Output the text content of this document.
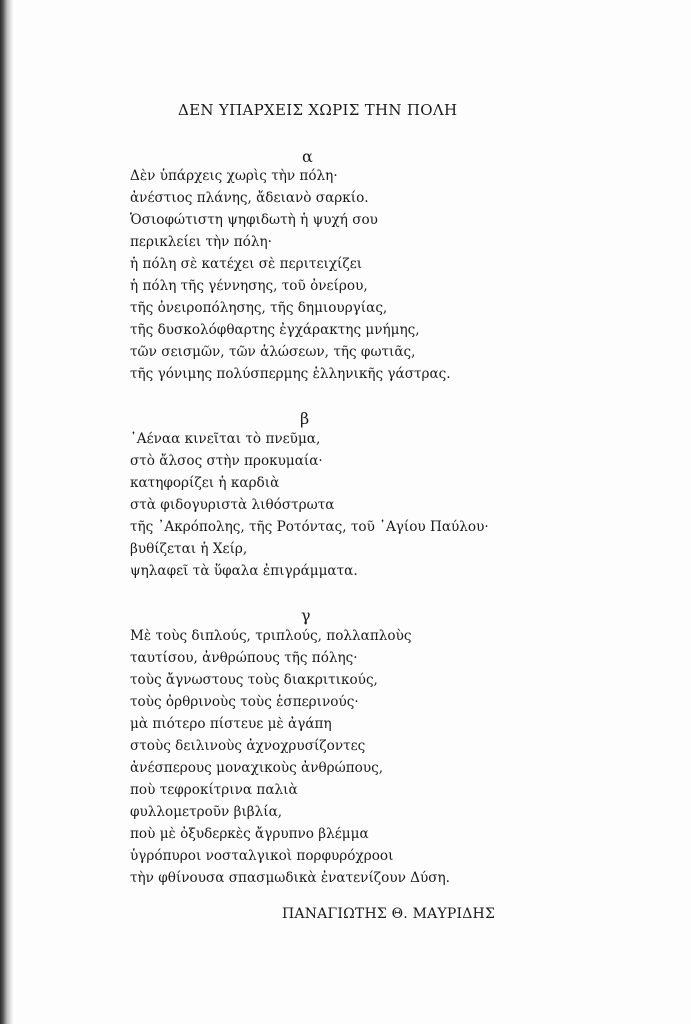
ΔΕΝ ΥΠΑΡΧΕΙΣ ΧΩΡΙΣ ΤΗΝ ΠΟΛΗ
α
Δὲν ὑπάρχεις χωρὶς τὴν πόλη·
ἀνέστιος πλάνης, ἄδειανὸ σαρκίο.
Ὁσιοφώτιστη ψηφιδωτὴ ἡ ψυχή σου
περικλείει τὴν πόλη·
ἡ πόλη σὲ κατέχει σὲ περιτειχίζει
ἡ πόλη τῆς γέννησης, τοῦ ὀνείρου,
τῆς ὀνειροπόλησης, τῆς δημιουργίας,
τῆς δυσκολόφθαρτης ἐγχάρακτης μνήμης,
τῶν σεισμῶν, τῶν ἁλώσεων, τῆς φωτιᾶς,
τῆς γόνιμης πολύσπερμης ἑλληνικῆς γάστρας.
β
᾿Αέναα κινεῖται τὸ πνεῦμα,
στὸ ἄλσος στὴν προκυμαία·
κατηφορίζει ἡ καρδιὰ
στὰ φιδογυριστὰ λιθόστρωτα
τῆς ᾿Ακρόπολης, τῆς Ροτόντας, τοῦ ῾Αγίου Παύλου·
βυθίζεται ἡ Χείρ,
ψηλαφεῖ τὰ ὕφαλα ἐπιγράμματα.
γ
Μὲ τοὺς διπλούς, τριπλούς, πολλαπλοὺς
ταυτίσου, ἀνθρώπους τῆς πόλης·
τοὺς ἄγνωστους τοὺς διακριτικούς,
τοὺς ὀρθρινοὺς τοὺς ἑσπερινούς·
μὰ πιότερο πίστευε μὲ ἀγάπη
στοὺς δειλινοὺς ἀχνοχρυσίζοντες
ἀνέσπερους μοναχικοὺς ἀνθρώπους,
ποὺ τεφροκίτρινα παλιὰ
φυλλομετροῦν βιβλία,
ποὺ μὲ ὀξυδερκὲς ἄγρυπνο βλέμμα
ὑγρόπυροι νοσταλγικοὶ πορφυρόχροοι
τὴν φθίνουσα σπασμωδικὰ ἐνατενίζουν Δύση.
ΠΑΝΑΓΙΩΤΗΣ Θ. ΜΑΥΡΙΔΗΣ
